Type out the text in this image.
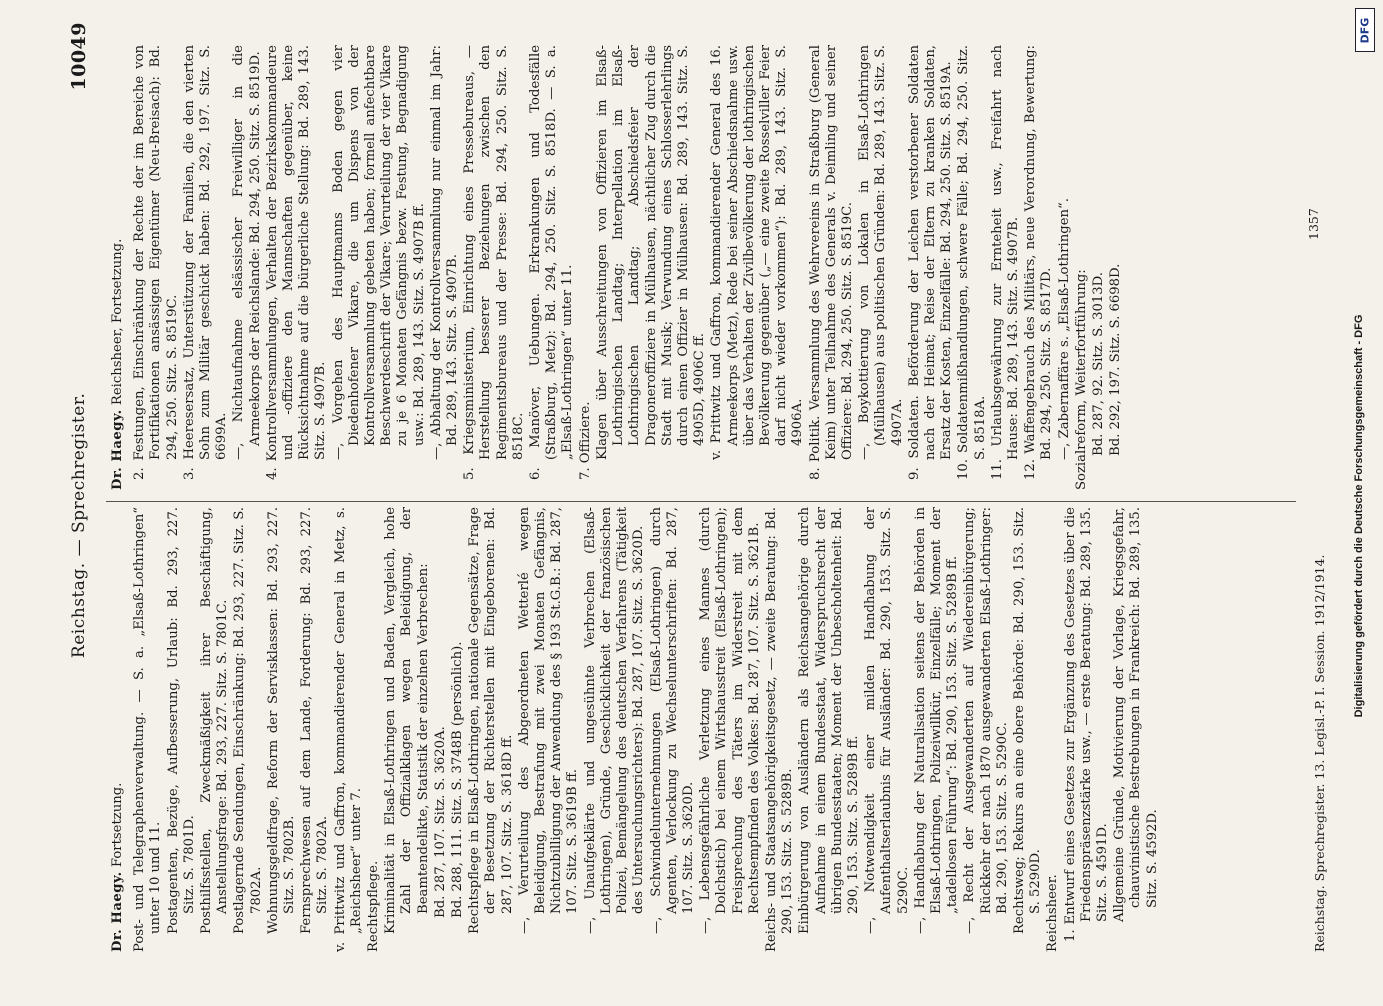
Reichstag. — Sprechregister.
10049

Dr. Haegy. Fortsetzung. Post- und Telegraphenverwaltung. — S. a. „Elsaß-Lothringen“ unter 10 und 11. Postagenten, Bezüge, Aufbesserung, Urlaub: Bd. 293, 227. Sitz. S. 7801D. Posthilfsstellen, Zweckmäßigkeit ihrer Beschäftigung, Anstellungsfrage: Bd. 293, 227. Sitz. S. 7801C. Postlagernde Sendungen, Einschränkung: Bd. 293, 227. Sitz. S. 7802A. Wohnungsgeldfrage, Reform der Servisklassen: Bd. 293, 227. Sitz. S. 7802B. Fernsprechwesen auf dem Lande, Forderung: Bd. 293, 227. Sitz. S. 7802A. v. Prittwitz und Gaffron, kommandierender General in Metz, s. „Reichsheer“ unter 7. Rechtspflege. Kriminalität in Elsaß-Lothringen und Baden, Vergleich, hohe Zahl der Offizialklagen wegen Beleidigung, der Beamtendelikte, Statistik der einzelnen Verbrechen: Bd. 287, 107. Sitz. S. 3620A. Bd. 288, 111. Sitz. S. 3748B (persönlich). Rechtspflege in Elsaß-Lothringen, nationale Gegensätze, Frage der Besetzung der Richterstellen mit Eingeborenen: Bd. 287, 107. Sitz. S. 3618D ff. —, Verurteilung des Abgeordneten Wetterlé wegen Beleidigung, Bestrafung mit zwei Monaten Gefängnis, Nichtzubilligung der Anwendung des § 193 St.G.B.: Bd. 287, 107. Sitz. S. 3619B ff. —, Unaufgeklärte und ungesühnte Verbrechen (Elsaß-Lothringen), Gründe, Geschicklichkeit der französischen Polizei, Bemängelung des deutschen Verfahrens (Tätigkeit des Untersuchungsrichters): Bd. 287, 107. Sitz. S. 3620D. —, Schwindelunternehmungen (Elsaß-Lothringen) durch Agenten, Verlockung zu Wechselunterschriften: Bd. 287, 107. Sitz. S. 3620D. —, Lebensgefährliche Verletzung eines Mannes (durch Dolchstich) bei einem Wirtshausstreit (Elsaß-Lothringen); Freisprechung des Täters im Widerstreit mit dem Rechtsempfinden des Volkes: Bd. 287, 107. Sitz. S. 3621B. Reichs- und Staatsangehörigkeitsgesetz, — zweite Beratung: Bd. 290, 153. Sitz. S. 5289B. Einbürgerung von Ausländern als Reichsangehörige durch Aufnahme in einem Bundesstaat, Widerspruchsrecht der übrigen Bundesstaaten; Moment der Unbescholtenheit: Bd. 290, 153. Sitz. S. 5289B ff. —, Notwendigkeit einer milden Handhabung der Aufenthaltserlaubnis für Ausländer: Bd. 290, 153. Sitz. S. 5290C. —, Handhabung der Naturalisation seitens der Behörden in Elsaß-Lothringen, Polizeiwillkür, Einzelfälle; Moment der „tadellosen Führung“: Bd. 290, 153. Sitz. S. 5289B ff. —, Recht der Ausgewanderten auf Wiedereinbürgerung; Rückkehr der nach 1870 ausgewanderten Elsaß-Lothringer: Bd. 290, 153. Sitz. S. 5290C. Rechtsweg; Rekurs an eine obere Behörde: Bd. 290, 153. Sitz. S. 5290D. Reichsheer. 1. Entwurf eines Gesetzes zur Ergänzung des Gesetzes über die Friedenspräsenzstärke usw., — erste Beratung: Bd. 289, 135. Sitz. S. 4591D. Allgemeine Gründe, Motivierung der Vorlage, Kriegsgefahr, chauvinistische Bestrebungen in Frankreich: Bd. 289, 135. Sitz. S. 4592D.

Dr. Haegy. Reichsheer, Fortsetzung. 2. Festungen, Einschränkung der Rechte der im Bereiche von Fortifikationen ansässigen Eigentümer (Neu-Breisach): Bd. 294, 250. Sitz. S. 8519C. 3. Heeresersatz, Unterstützung der Familien, die den vierten Sohn zum Militär geschickt haben: Bd. 292, 197. Sitz. S. 6699A. —, Nichtaufnahme elsässischer Freiwilliger in die Armeekorps der Reichslande: Bd. 294, 250. Sitz. S. 8519D. 4. Kontrollversammlungen, Verhalten der Bezirkskommandeure und -offiziere den Mannschaften gegenüber, keine Rücksichtnahme auf die bürgerliche Stellung: Bd. 289, 143. Sitz. S. 4907B. —, Vorgehen des Hauptmanns Boden gegen vier Diedenhofener Vikare, die um Dispens von der Kontrollversammlung gebeten haben; formell anfechtbare Beschwerdeschrift der Vikare; Verurteilung der vier Vikare zu je 6 Monaten Gefängnis bezw. Festung, Begnadigung usw.: Bd. 289, 143. Sitz. S. 4907B ff. —, Abhaltung der Kontrollversammlung nur einmal im Jahr: Bd. 289, 143. Sitz. S. 4907B. 5. Kriegsministerium, Einrichtung eines Pressebureaus, — Herstellung besserer Beziehungen zwischen den Regimentsbureaus und der Presse: Bd. 294, 250. Sitz. S. 8518C. 6. Manöver, Uebungen. Erkrankungen und Todesfälle (Straßburg, Metz): Bd. 294, 250. Sitz. S. 8518D. — S. a. „Elsaß-Lothringen“ unter 11. 7. Offiziere. Klagen über Ausschreitungen von Offizieren im Elsaß-Lothringischen Landtag; Interpellation im Elsaß-Lothringischen Landtag; Abschiedsfeier der Dragoneroffiziere in Mülhausen, nächtlicher Zug durch die Stadt mit Musik; Verwundung eines Schlosserlehrlings durch einen Offizier in Mülhausen: Bd. 289, 143. Sitz. S. 4905D, 4906C ff. v. Prittwitz und Gaffron, kommandierender General des 16. Armeekorps (Metz), Rede bei seiner Abschiedsnahme usw. über das Verhalten der Zivilbevölkerung der lothringischen Bevölkerung gegenüber („— eine zweite Rosselviller Feier darf nicht wieder vorkommen“): Bd. 289, 143. Sitz. S. 4906A. 8. Politik. Versammlung des Wehrvereins in Straßburg (General Keim) unter Teilnahme des Generals v. Deimling und seiner Offiziere: Bd. 294, 250. Sitz. S. 8519C. —, Boykottierung von Lokalen in Elsaß-Lothringen (Mülhausen) aus politischen Gründen: Bd. 289, 143. Sitz. S. 4907A. 9. Soldaten. Beförderung der Leichen verstorbener Soldaten nach der Heimat; Reise der Eltern zu kranken Soldaten, Ersatz der Kosten, Einzelfälle: Bd. 294, 250. Sitz. S. 8519A. 10. Soldatenmißhandlungen, schwere Fälle; Bd. 294, 250. Sitz. S. 8518A. 11. Urlaubsgewährung zur Ernteheit usw., Freifahrt nach Hause: Bd. 289, 143. Sitz. S. 4907B. 12. Waffengebrauch des Militärs, neue Verordnung, Bewertung: Bd. 294, 250. Sitz. S. 8517D. —, Zabernaffäre s. „Elsaß-Lothringen“. Sozialreform, Weiterfortführung: Bd. 287, 92. Sitz. S. 3013D. Bd. 292, 197. Sitz. S. 6698D.

Reichstag. Sprechregister. 13. Legisl.-P. I. Session. 1912/1914.
1357
DFG
Digitalisierung gefördert durch die Deutsche Forschungsgemeinschaft - DFG
